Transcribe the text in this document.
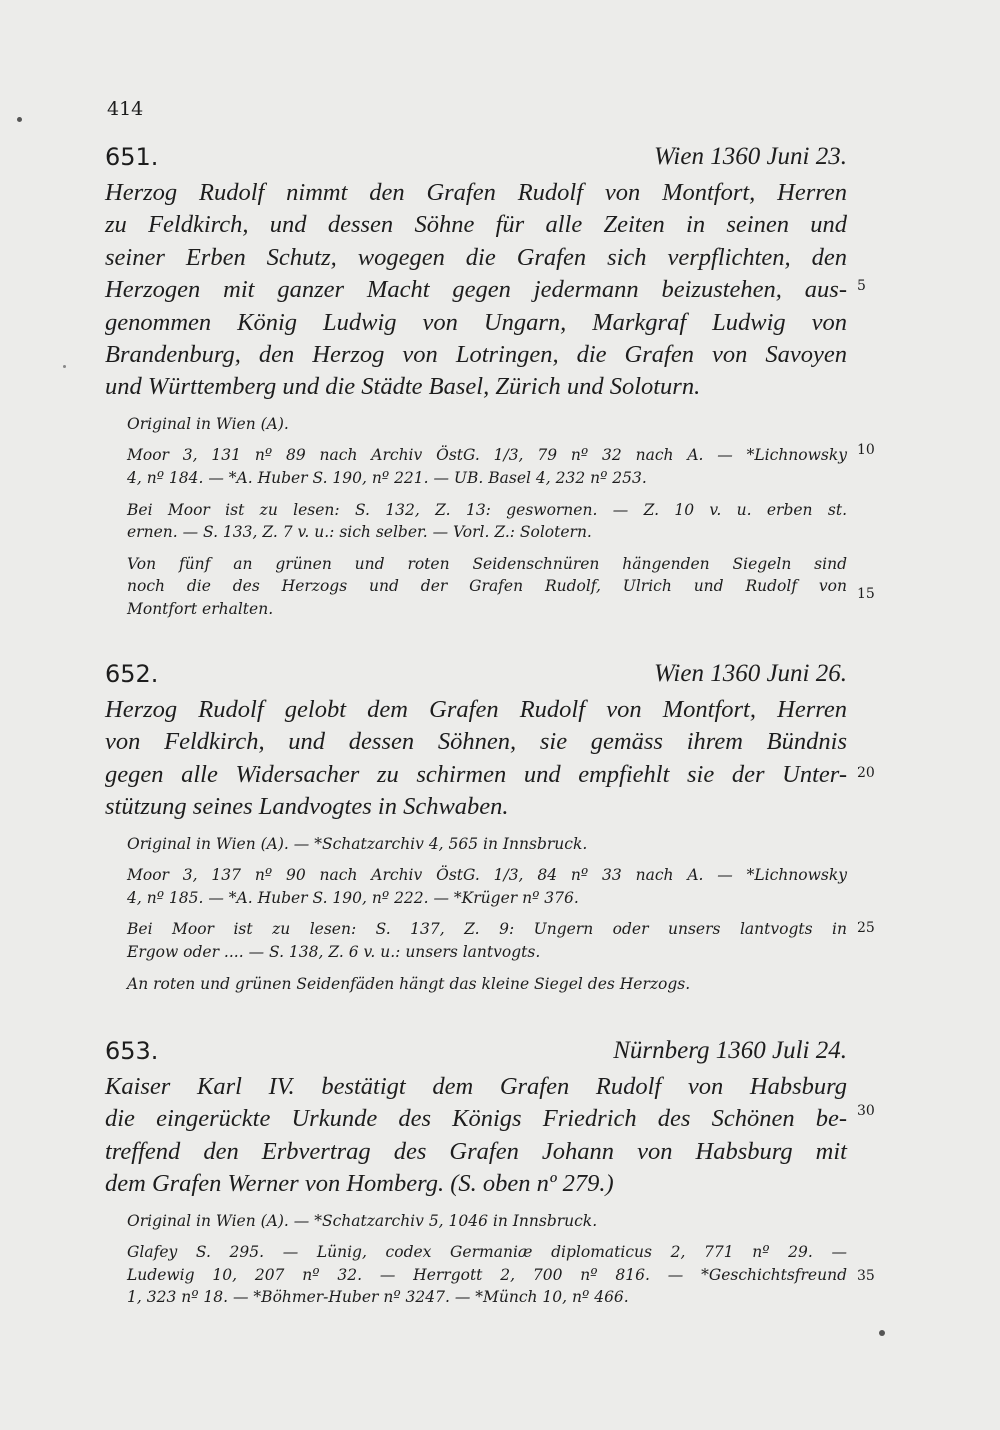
414
651.	Wien 1360 Juni 23.
Herzog Rudolf nimmt den Grafen Rudolf von Montfort, Herren
zu Feldkirch, und dessen Söhne für alle Zeiten in seinen und
seiner Erben Schutz, wogegen die Grafen sich verpflichten, den
Herzogen mit ganzer Macht gegen jedermann beizustehen, aus-
genommen König Ludwig von Ungarn, Markgraf Ludwig von
Brandenburg, den Herzog von Lotringen, die Grafen von Savoyen
und Württemberg und die Städte Basel, Zürich und Soloturn.
Original in Wien (A).
Moor 3, 131 nº 89 nach Archiv ÖstG. 1/3, 79 nº 32 nach A. — *Lichnowsky
4, nº 184. — *A. Huber S. 190, nº 221. — UB. Basel 4, 232 nº 253.
Bei Moor ist zu lesen: S. 132, Z. 13: geswornen. — Z. 10 v. u. erben st.
ernen. — S. 133, Z. 7 v. u.: sich selber. — Vorl. Z.: Solotern.
Von fünf an grünen und roten Seidenschnüren hängenden Siegeln sind
noch die des Herzogs und der Grafen Rudolf, Ulrich und Rudolf von
Montfort erhalten.
652.	Wien 1360 Juni 26.
Herzog Rudolf gelobt dem Grafen Rudolf von Montfort, Herren
von Feldkirch, und dessen Söhnen, sie gemäss ihrem Bündnis
gegen alle Widersacher zu schirmen und empfiehlt sie der Unter-
stützung seines Landvogtes in Schwaben.
Original in Wien (A). — *Schatzarchiv 4, 565 in Innsbruck.
Moor 3, 137 nº 90 nach Archiv ÖstG. 1/3, 84 nº 33 nach A. — *Lichnowsky
4, nº 185. — *A. Huber S. 190, nº 222. — *Krüger nº 376.
Bei Moor ist zu lesen: S. 137, Z. 9: Ungern oder unsers lantvogts in
Ergow oder .... — S. 138, Z. 6 v. u.: unsers lantvogts.
An roten und grünen Seidenfäden hängt das kleine Siegel des Herzogs.
653.	Nürnberg 1360 Juli 24.
Kaiser Karl IV. bestätigt dem Grafen Rudolf von Habsburg
die eingerückte Urkunde des Königs Friedrich des Schönen be-
treffend den Erbvertrag des Grafen Johann von Habsburg mit
dem Grafen Werner von Homberg. (S. oben nº 279.)
Original in Wien (A). — *Schatzarchiv 5, 1046 in Innsbruck.
Glafey S. 295. — Lünig, codex Germaniæ diplomaticus 2, 771 nº 29. —
Ludewig 10, 207 nº 32. — Herrgott 2, 700 nº 816. — *Geschichtsfreund
1, 323 nº 18. — *Böhmer-Huber nº 3247. — *Münch 10, nº 466.
5
10
15
20
25
30
35
